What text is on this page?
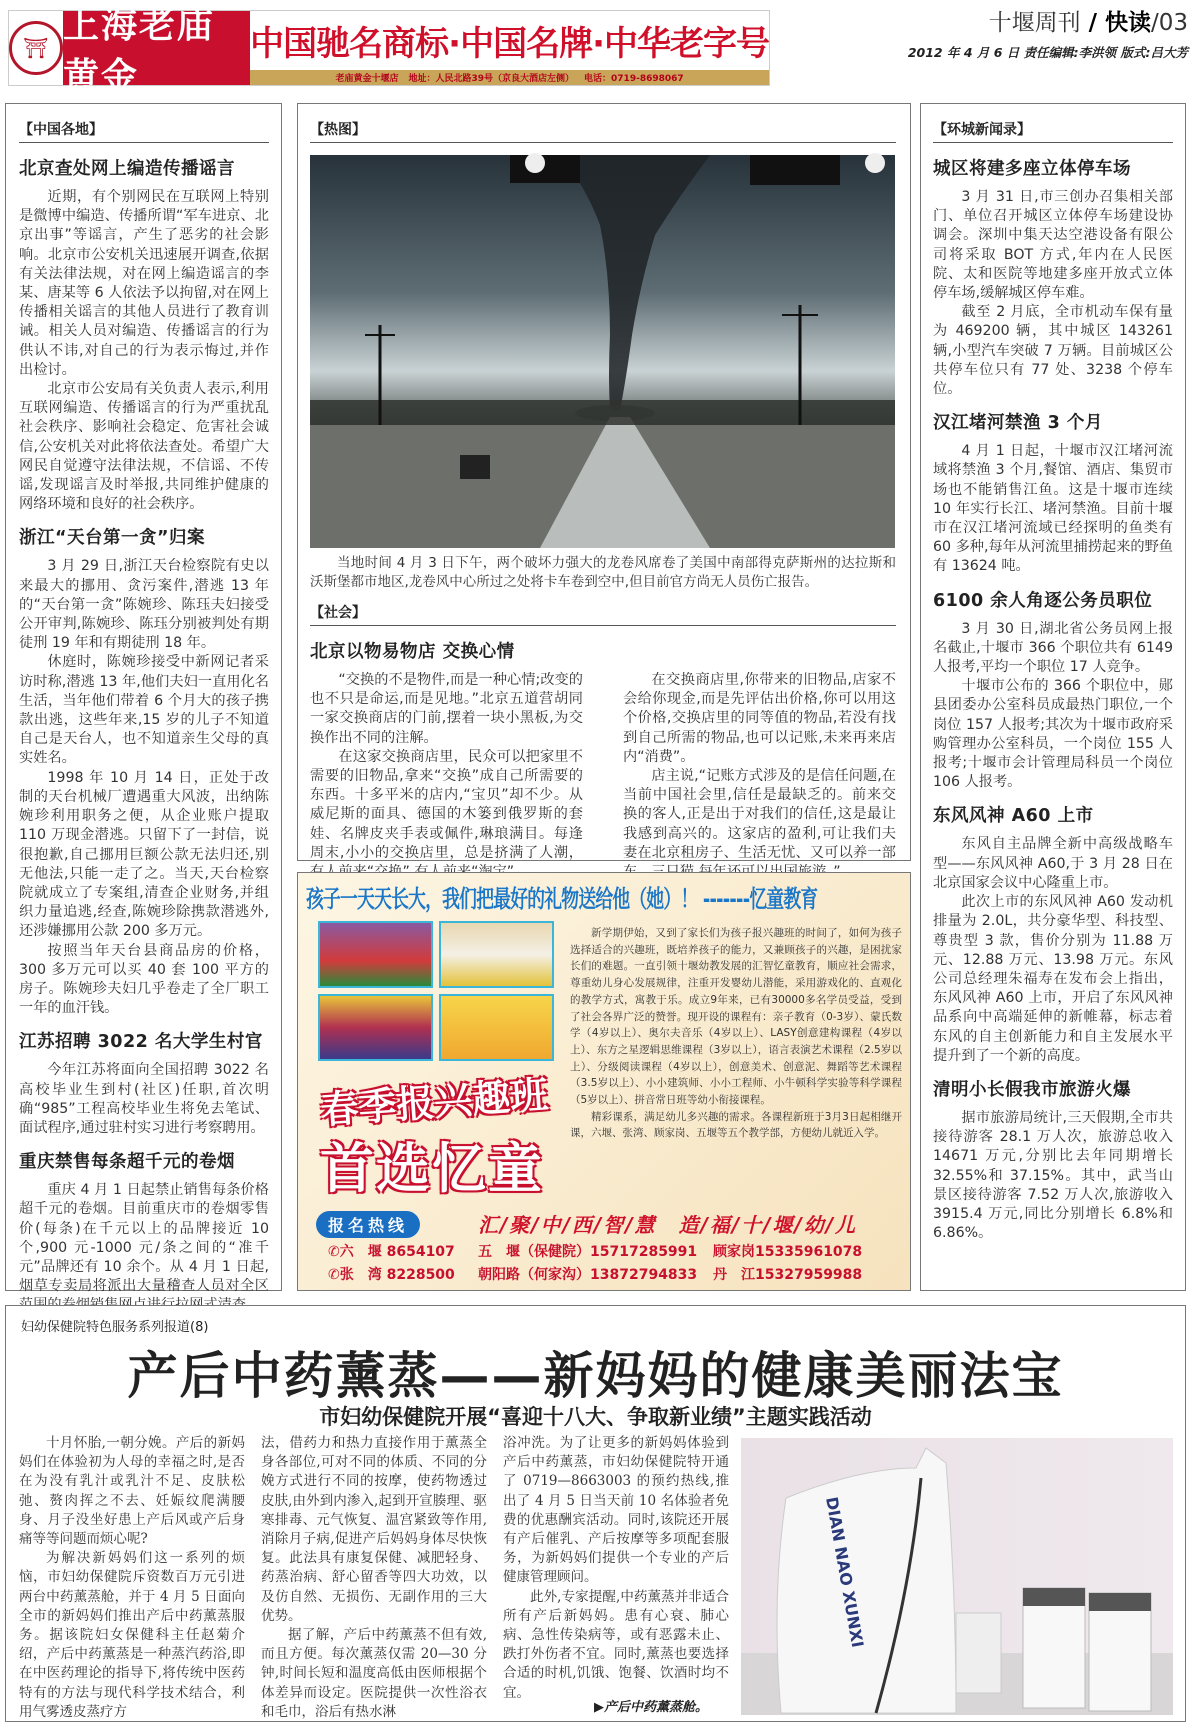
⛩
上海老庙黄金
中国驰名商标·中国名牌·中华老字号
老庙黄金十堰店 地址：人民北路39号（京良大酒店左侧） 电话：0719-8698067
十堰周刊 / 快读/03
2012 年 4 月 6 日 责任编辑:李洪领 版式:吕大芳
【中国各地】
北京查处网上编造传播谣言

近期，有个别网民在互联网上特别是微博中编造、传播所谓“军车进京、北京出事”等谣言，产生了恶劣的社会影响。北京市公安机关迅速展开调查,依据有关法律法规，对在网上编造谣言的李某、唐某等 6 人依法予以拘留,对在网上传播相关谣言的其他人员进行了教育训诫。相关人员对编造、传播谣言的行为供认不讳,对自己的行为表示悔过,并作出检讨。

北京市公安局有关负责人表示,利用互联网编造、传播谣言的行为严重扰乱社会秩序、影响社会稳定、危害社会诚信,公安机关对此将依法查处。希望广大网民自觉遵守法律法规，不信谣、不传谣,发现谣言及时举报,共同维护健康的网络环境和良好的社会秩序。

浙江“天台第一贪”归案

3 月 29 日,浙江天台检察院有史以来最大的挪用、贪污案件,潜逃 13 年的“天台第一贪”陈婉珍、陈珏夫妇接受公开审判,陈婉珍、陈珏分别被判处有期徒刑 19 年和有期徒刑 18 年。

休庭时，陈婉珍接受中新网记者采访时称,潜逃 13 年,他们夫妇一直用化名生活，当年他们带着 6 个月大的孩子携款出逃，这些年来,15 岁的儿子不知道自己是天台人，也不知道亲生父母的真实姓名。

1998 年 10 月 14 日，正处于改制的天台机械厂遭遇重大风波，出纳陈婉珍利用职务之便，从企业账户提取 110 万现金潜逃。只留下了一封信，说很抱歉,自己挪用巨额公款无法归还,别无他法,只能一走了之。当天,天台检察院就成立了专案组,清查企业财务,并组织力量追逃,经查,陈婉珍除携款潜逃外,还涉嫌挪用公款 200 多万元。

按照当年天台县商品房的价格，300 多万元可以买 40 套 100 平方的房子。陈婉珍夫妇几乎卷走了全厂职工一年的血汗钱。

江苏招聘 3022 名大学生村官

今年江苏将面向全国招聘 3022 名高校毕业生到村(社区)任职,首次明确“985”工程高校毕业生将免去笔试、面试程序,通过驻村实习进行考察聘用。

重庆禁售每条超千元的卷烟

重庆 4 月 1 日起禁止销售每条价格超千元的卷烟。目前重庆市的卷烟零售价(每条)在千元以上的品牌接近 10 个,900 元-1000 元/条之间的“准千元”品牌还有 10 余个。从 4 月 1 日起,烟草专卖局将派出大量稽查人员对全区

【热图】

当地时间 4 月 3 日下午，两个破坏力强大的龙卷风席卷了美国中南部得克萨斯州的达拉斯和沃斯堡都市地区,龙卷风中心所过之处将卡车卷到空中,但目前官方尚无人员伤亡报告。

【社会】
北京以物易物店 交换心情

“交换的不是物件,而是一种心情;改变的也不只是命运,而是见地。”北京五道营胡同一家交换商店的门前,摆着一块小黑板,为交换作出不同的注解。

在这家交换商店里，民众可以把家里不需要的旧物品,拿来“交换”成自己所需要的东西。十多平米的店内,“宝贝”却不少。从威尼斯的面具、德国的木篓到俄罗斯的套娃、名牌皮夹手表或佩件,琳琅满目。每逢周末,小小的交换店里，总是挤满了人潮，

在交换商店里,你带来的旧物品,店家不会给你现金,而是先评估出价格,你可以用这个价格,交换店里的同等值的物品,若没有找到自己所需的物品,也可以记账,未来再来店内“消费”。

店主说,“记账方式涉及的是信任问题,在当前中国社会里,信任是最缺乏的。前来交换的客人,正是出于对我们的信任,这是最让我感到高兴的。这家店的盈利,可让我们夫妻在北京租房子、生活无忧、又可以养一部

孩子一天天长大，我们把最好的礼物送给他（她）！ -------忆童教育

新学期伊始，又到了家长们为孩子报兴趣班的时间了，如何为孩子选择适合的兴趣班，既培养孩子的能力，又兼顾孩子的兴趣，是困扰家长们的难题。一直引领十堰幼教发展的汇智忆童教育，顺应社会需求，尊重幼儿身心发展规律，注重开发婴幼儿潜能，采用游戏化的、直观化的教学方式，寓教于乐。成立9年来，已有30000多名学员受益，受到了社会各界广泛的赞誉。现开设的课程有：亲子教育（0-3岁）、蒙氏数学（4岁以上）、奥尔夫音乐（4岁以上）、LASY创意建构课程（4岁以上）、东方之星逻辑思维课程（3岁以上），语言表演艺术课程（2.5岁以上）、分级阅读课程（4岁以上），创意美术、创意泥、舞蹈等艺术课程（3.5岁以上）、小小建筑师、小小工程师、小牛顿科学实验等科学课程（5岁以上）、拼音常日班等幼小衔接课程。

精彩课系，满足幼儿多兴趣的需求。各课程新班于3月3日起相继开课，六堰、张湾、顾家岗、五堰等五个教学部，方便幼儿就近入学。

春季报兴趣班
首选忆童
报名热线	汇/聚/中/西/智/慧　造/福/十/堰/幼/儿
✆六　堰 8654107	五　堰（保健院）15717285991	顾家岗15335961078
✆张　湾 8228500	朝阳路（何家沟）13872794833	丹　江15327959988
【环城新闻录】
城区将建多座立体停车场

3 月 31 日,市三创办召集相关部门、单位召开城区立体停车场建设协调会。深圳中集天达空港设备有限公司将采取 BOT 方式,年内在人民医院、太和医院等地建多座开放式立体停车场,缓解城区停车难。

截至 2 月底，全市机动车保有量为 469200 辆，其中城区 143261 辆,小型汽车突破 7 万辆。目前城区公共停车位只有 77 处、3238 个停车位。

汉江堵河禁渔 3 个月

4 月 1 日起，十堰市汉江堵河流域将禁渔 3 个月,餐馆、酒店、集贸市场也不能销售江鱼。这是十堰市连续 10 年实行长江、堵河禁渔。目前十堰市在汉江堵河流域已经探明的鱼类有 60 多种,每年从河流里捕捞起来的野鱼有 13624 吨。

6100 余人角逐公务员职位

3 月 30 日,湖北省公务员网上报名截止,十堰市 366 个职位共有 6149 人报考,平均一个职位 17 人竞争。

十堰市公布的 366 个职位中，郧县团委办公室科员成最热门职位,一个岗位 157 人报考;其次为十堰市政府采购管理办公室科员，一个岗位 155 人报考;十堰市会计管理局科员一个岗位 106 人报考。

东风风神 A60 上市

东风自主品牌全新中高级战略车型——东风风神 A60,于 3 月 28 日在北京国家会议中心隆重上市。

此次上市的东风风神 A60 发动机排量为 2.0L，共分豪华型、科技型、尊贵型 3 款，售价分别为 11.88 万元、12.88 万元、13.98 万元。东风公司总经理朱福寿在发布会上指出，东风风神 A60 上市，开启了东风风神品系向中高端延伸的新帷幕，标志着东风的自主创新能力和自主发展水平提升到了一个新的高度。

清明小长假我市旅游火爆

据市旅游局统计,三天假期,全市共接待游客 28.1 万人次，旅游总收入 14671 万元,分别比去年同期增长 32.55%和 37.15%。其中，武当山景区接待游客 7.52 万人次,旅游收入 3915.4 万元,同比分别增长 6.8%和 6.86%。

妇幼保健院特色服务系列报道(8)
产后中药薰蒸——新妈妈的健康美丽法宝
市妇幼保健院开展“喜迎十八大、争取新业绩”主题实践活动

十月怀胎,一朝分娩。产后的新妈妈们在体验初为人母的幸福之时,是否在为没有乳汁或乳汁不足、皮肤松弛、赘肉挥之不去、妊娠纹爬满腰身、月子没坐好患上产后风或产后身痛等等问题而烦心呢?

为解决新妈妈们这一系列的烦恼，市妇幼保健院斥资数百万元引进两台中药薰蒸舱，并于 4 月 5 日面向全市的新妈妈们推出产后中药薰蒸服务。据该院妇女保健科主任赵菊介绍，产后中药薰蒸是一种蒸汽药浴,即在中医药理论的指导下,将传统中医药特有的方法与现代科学技术结合，利用气雾透皮蒸疗方

法，借药力和热力直接作用于薰蒸全身各部位,可对不同的体质、不同的分娩方式进行不同的按摩，使药物透过皮肤,由外到内渗入,起到开宣腠理、驱寒排毒、元气恢复、温宫紧致等作用,消除月子病,促进产后妈妈身体尽快恢复。此法具有康复保健、减肥轻身、药蒸治病、舒心留香等四大功效，以及仿自然、无损伤、无副作用的三大优势。

据了解，产后中药薰蒸不但有效,而且方便。每次薰蒸仅需 20—30 分钟,时间长短和温度高低由医师根据个体差异而设定。医院提供一次性浴衣和毛巾，浴后有热水淋

浴冲洗。为了让更多的新妈妈体验到产后中药薰蒸，市妇幼保健院特开通了 0719—8663003 的预约热线,推出了 4 月 5 日当天前 10 名体验者免费的优惠酬宾活动。同时,该院还开展有产后催乳、产后按摩等多项配套服务，为新妈妈们提供一个专业的产后健康管理顾问。

此外,专家提醒,中药薰蒸并非适合所有产后新妈妈。患有心衰、肺心病、急性传染病等，或有恶露未止、跌打外伤者不宜。同时,薰蒸也要选择合适的时机,饥饿、饱餐、饮酒时均不宜。

▶产后中药薰蒸舱。
DIAN NAO XUNXI
